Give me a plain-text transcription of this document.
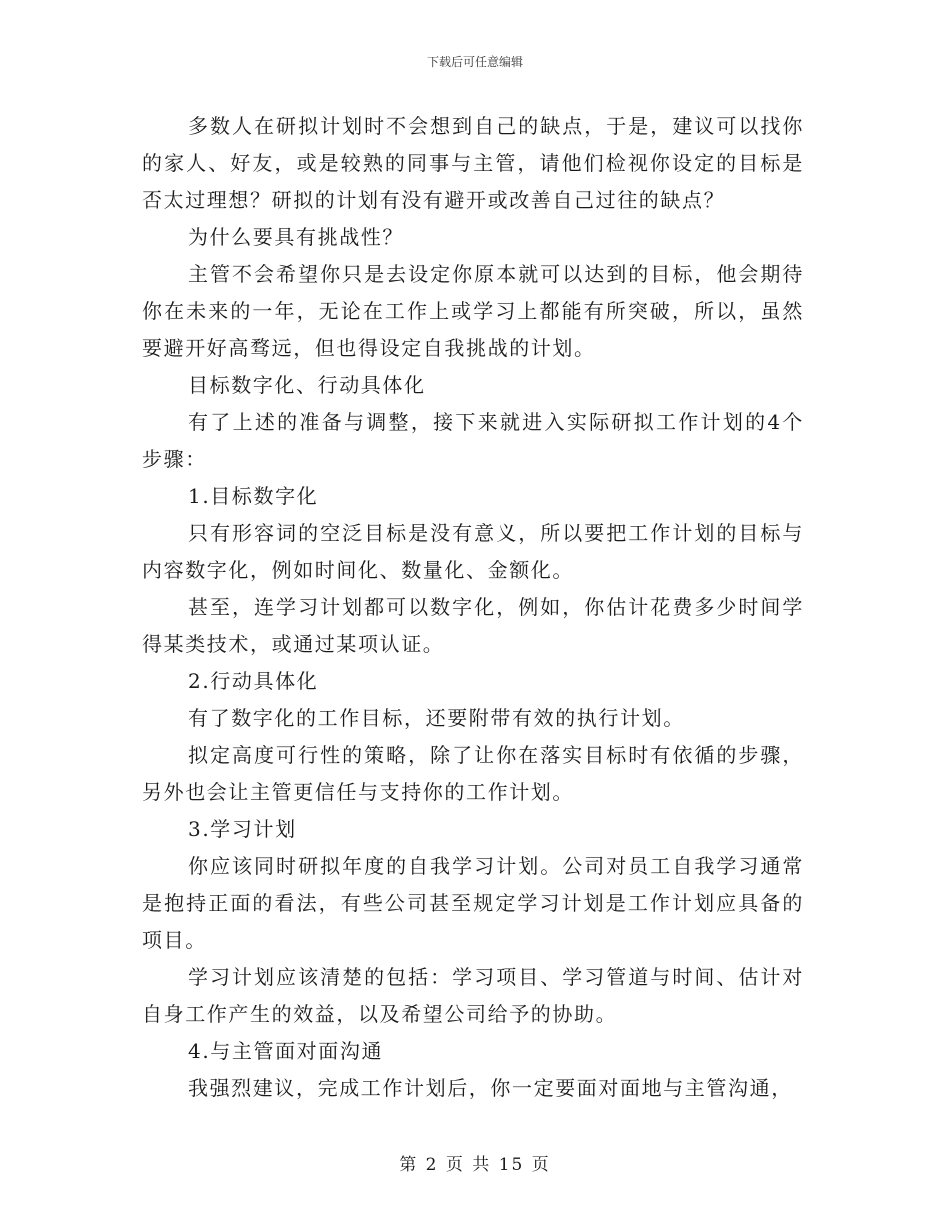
下载后可任意编辑

多数人在研拟计划时不会想到自己的缺点，于是，建议可以找你的家人、好友，或是较熟的同事与主管，请他们检视你设定的目标是否太过理想？研拟的计划有没有避开或改善自己过往的缺点？

为什么要具有挑战性？

主管不会希望你只是去设定你原本就可以达到的目标，他会期待你在未来的一年，无论在工作上或学习上都能有所突破，所以，虽然要避开好高骛远，但也得设定自我挑战的计划。

目标数字化、行动具体化

有了上述的准备与调整，接下来就进入实际研拟工作计划的4个步骤：

1.目标数字化

只有形容词的空泛目标是没有意义，所以要把工作计划的目标与内容数字化，例如时间化、数量化、金额化。

甚至，连学习计划都可以数字化，例如，你估计花费多少时间学得某类技术，或通过某项认证。

2.行动具体化

有了数字化的工作目标，还要附带有效的执行计划。

拟定高度可行性的策略，除了让你在落实目标时有依循的步骤，另外也会让主管更信任与支持你的工作计划。

3.学习计划

你应该同时研拟年度的自我学习计划。公司对员工自我学习通常是抱持正面的看法，有些公司甚至规定学习计划是工作计划应具备的项目。

学习计划应该清楚的包括：学习项目、学习管道与时间、估计对自身工作产生的效益，以及希望公司给予的协助。

4.与主管面对面沟通

我强烈建议，完成工作计划后，你一定要面对面地与主管沟通，

第 2 页 共 15 页
